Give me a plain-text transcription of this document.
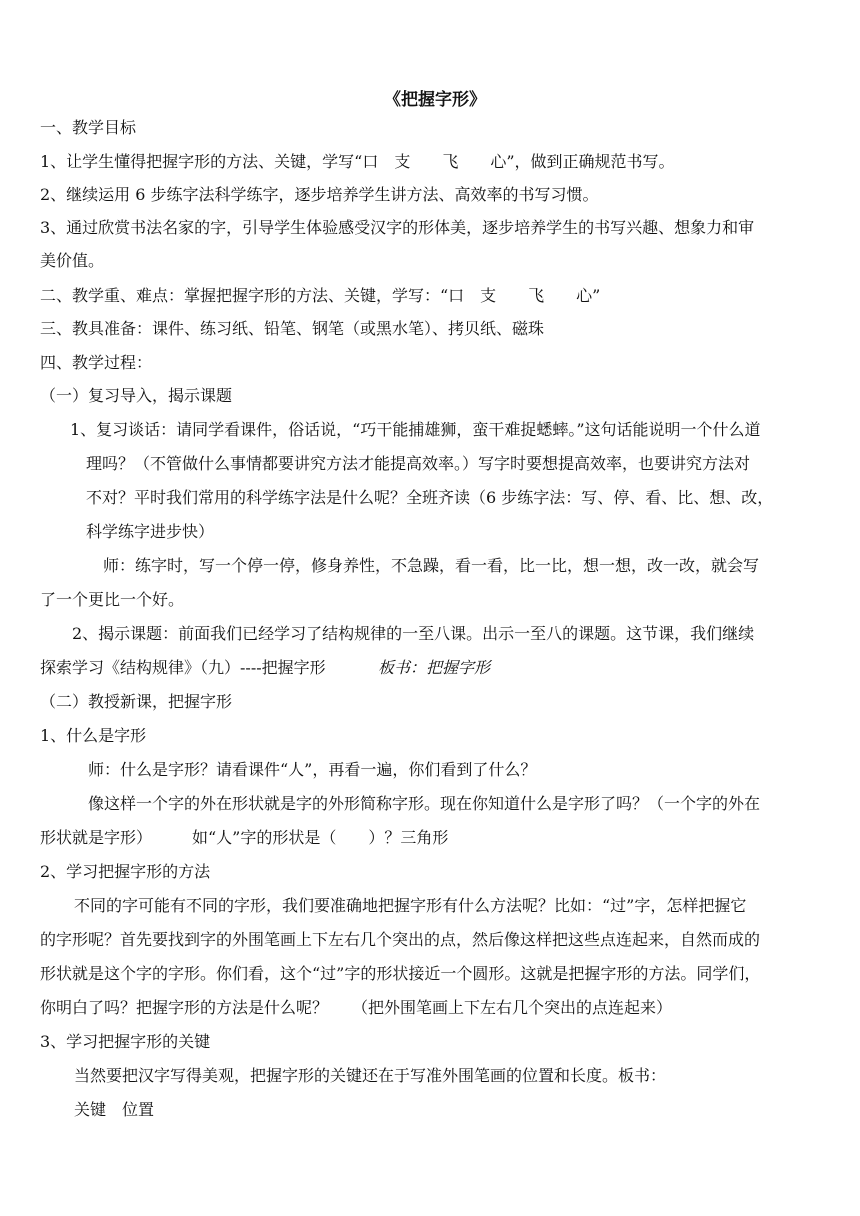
《把握字形》
一、教学目标
1、让学生懂得把握字形的方法、关键，学写“口　支　　飞　　心”，做到正确规范书写。
2、继续运用 6 步练字法科学练字，逐步培养学生讲方法、高效率的书写习惯。
3、通过欣赏书法名家的字，引导学生体验感受汉字的形体美，逐步培养学生的书写兴趣、想象力和审
美价值。
二、教学重、难点：掌握把握字形的方法、关键，学写：“口　支　　飞　　心”
三、教具准备：课件、练习纸、铅笔、钢笔（或黑水笔）、拷贝纸、磁珠
四、教学过程：
（一）复习导入，揭示课题
1、复习谈话：请同学看课件，俗话说，“巧干能捕雄狮，蛮干难捉蟋蟀。”这句话能说明一个什么道
理吗？（不管做什么事情都要讲究方法才能提高效率。）写字时要想提高效率，也要讲究方法对
不对？平时我们常用的科学练字法是什么呢？全班齐读（6 步练字法：写、停、看、比、想、改，
科学练字进步快）
师：练字时，写一个停一停，修身养性，不急躁，看一看，比一比，想一想，改一改，就会写
了一个更比一个好。
2、揭示课题：前面我们已经学习了结构规律的一至八课。出示一至八的课题。这节课，我们继续
探索学习《结构规律》（九）----把握字形	板书：把握字形
（二）教授新课，把握字形
1、什么是字形
师：什么是字形？请看课件“人”，再看一遍，你们看到了什么？
像这样一个字的外在形状就是字的外形简称字形。现在你知道什么是字形了吗？（一个字的外在
形状就是字形）　　　如“人”字的形状是（　　）？三角形
2、学习把握字形的方法
不同的字可能有不同的字形，我们要准确地把握字形有什么方法呢？比如：“过”字，怎样把握它
的字形呢？首先要找到字的外围笔画上下左右几个突出的点，然后像这样把这些点连起来，自然而成的
形状就是这个字的字形。你们看，这个“过”字的形状接近一个圆形。这就是把握字形的方法。同学们，
你明白了吗？把握字形的方法是什么呢？　　（把外围笔画上下左右几个突出的点连起来）
3、学习把握字形的关键
当然要把汉字写得美观，把握字形的关键还在于写准外围笔画的位置和长度。板书：
关键　位置
